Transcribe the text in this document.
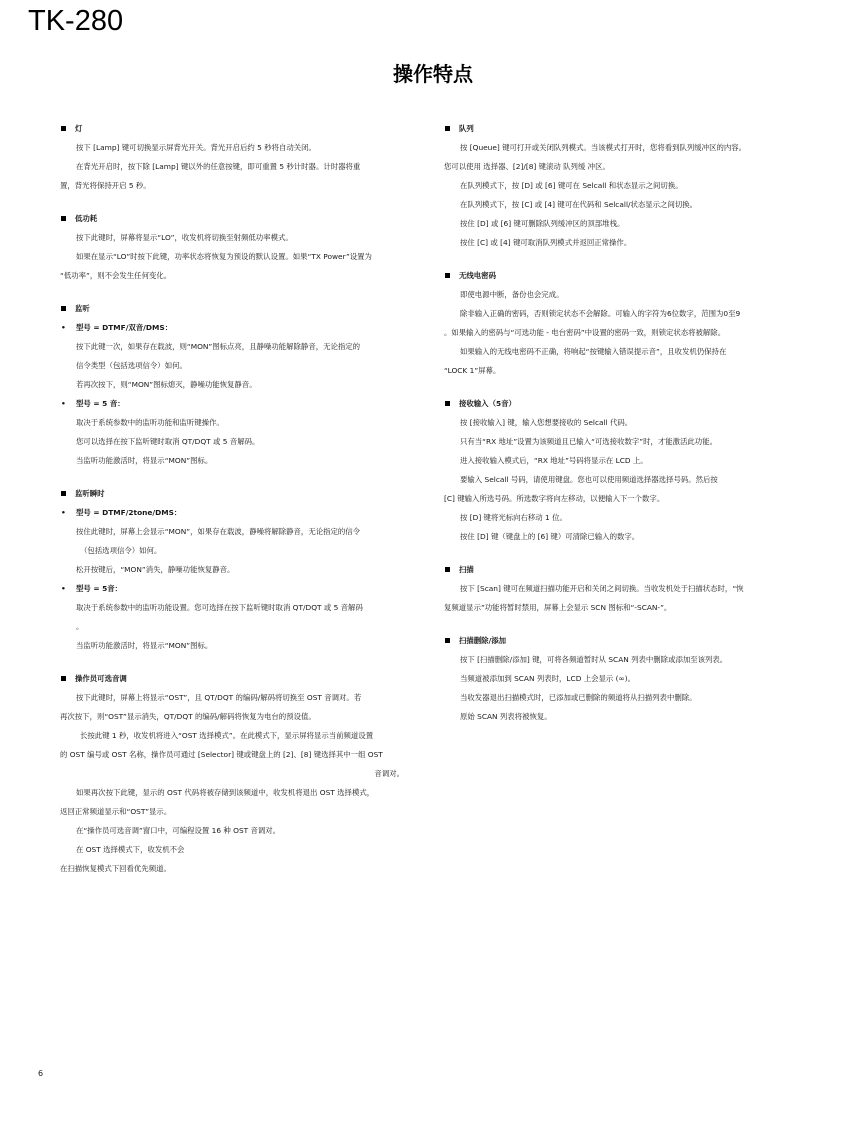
TK-280
操作特点
灯
按下 [Lamp] 键可切换显示屏背光开关。背光开启后约 5 秒将自动关闭。
在背光开启时，按下除 [Lamp] 键以外的任意按键，即可重置 5 秒计时器。计时器将重
置，背光将保持开启 5 秒。
低功耗
按下此键时，屏幕将显示“LO”，收发机将切换至射频低功率模式。
如果在显示“LO”时按下此键，功率状态将恢复为预设的默认设置。如果“TX Power”设置为
“低功率”，则不会发生任何变化。
监听
• 型号 = DTMF/双音/DMS：
按下此键一次，如果存在载波，则“MON”图标点亮，且静噪功能解除静音，无论指定的
信令类型（包括选项信令）如何。
若再次按下，则“MON”图标熄灭，静噪功能恢复静音。
• 型号 = 5 音：
取决于系统参数中的监听功能和监听键操作。
您可以选择在按下监听键时取消 QT/DQT 或 5 音解码。
当监听功能激活时，将显示“MON”图标。
监听瞬时
• 型号 = DTMF/2tone/DMS：
按住此键时，屏幕上会显示“MON”，如果存在载波，静噪将解除静音，无论指定的信令
（包括选项信令）如何。
松开按键后，“MON”消失，静噪功能恢复静音。
• 型号 = 5音：
取决于系统参数中的监听功能设置。您可选择在按下监听键时取消 QT/DQT 或 5 音解码
。
当监听功能激活时，将显示“MON”图标。
操作员可选音调
按下此键时，屏幕上将显示“OST”，且 QT/DQT 的编码/解码将切换至 OST 音调对。若
再次按下，则“OST”显示消失，QT/DQT 的编码/解码将恢复为电台的预设值。
长按此键 1 秒，收发机将进入“OST 选择模式”。在此模式下，显示屏将显示当前频道设置
的 OST 编号或 OST 名称，操作员可通过 [Selector] 键或键盘上的 [2]、[8] 键选择其中一组 OST
音调对。
如果再次按下此键，显示的 OST 代码将被存储到该频道中，收发机将退出 OST 选择模式，
返回正常频道显示和“OST”显示。
在“操作员可选音调”窗口中，可编程设置 16 种 OST 音调对。
在 OST 选择模式下，收发机不会
在扫描恢复模式下回看优先频道。
队列
按 [Queue] 键可打开或关闭队列模式。当该模式打开时，您将看到队列缓冲区的内容。
您可以使用 选择器、[2]/[8] 键滚动 队列缓 冲区。
在队列模式下，按 [D] 或 [6] 键可在 Selcall 和状态显示之间切换。
在队列模式下，按 [C] 或 [4] 键可在代码和 Selcall/状态显示之间切换。
按住 [D] 或 [6] 键可删除队列缓冲区的顶部堆栈。
按住 [C] 或 [4] 键可取消队列模式并返回正常操作。
无线电密码
即使电源中断，备份也会完成。
除非输入正确的密码，否则锁定状态不会解除。可输入的字符为6位数字，范围为0至9
。如果输入的密码与“可选功能 - 电台密码”中设置的密码一致，则锁定状态将被解除。
如果输入的无线电密码不正确，将响起“按键输入错误提示音”，且收发机仍保持在
“LOCK 1”屏幕。
接收输入（5音）
按 [接收输入] 键，输入您想要接收的 Selcall 代码。
只有当“RX 地址”设置为该频道且已输入“可选接收数字”时，才能激活此功能。
进入接收输入模式后，“RX 地址”号码将显示在 LCD 上。
要输入 Selcall 号码，请使用键盘。您也可以使用频道选择器选择号码。然后按
[C] 键输入所选号码。所选数字将向左移动，以便输入下一个数字。
按 [D] 键将光标向右移动 1 位。
按住 [D] 键（键盘上的 [6] 键）可清除已输入的数字。
扫描
按下 [Scan] 键可在频道扫描功能开启和关闭之间切换。当收发机处于扫描状态时，“恢
复频道显示”功能将暂时禁用，屏幕上会显示 SCN 图标和“-SCAN-”。
扫描删除/添加
按下 [扫描删除/添加] 键，可将各频道暂时从 SCAN 列表中删除或添加至该列表。
当频道被添加到 SCAN 列表时，LCD 上会显示 (∞)。
当收发器退出扫描模式时，已添加或已删除的频道将从扫描列表中删除。
原始 SCAN 列表将被恢复。
6
